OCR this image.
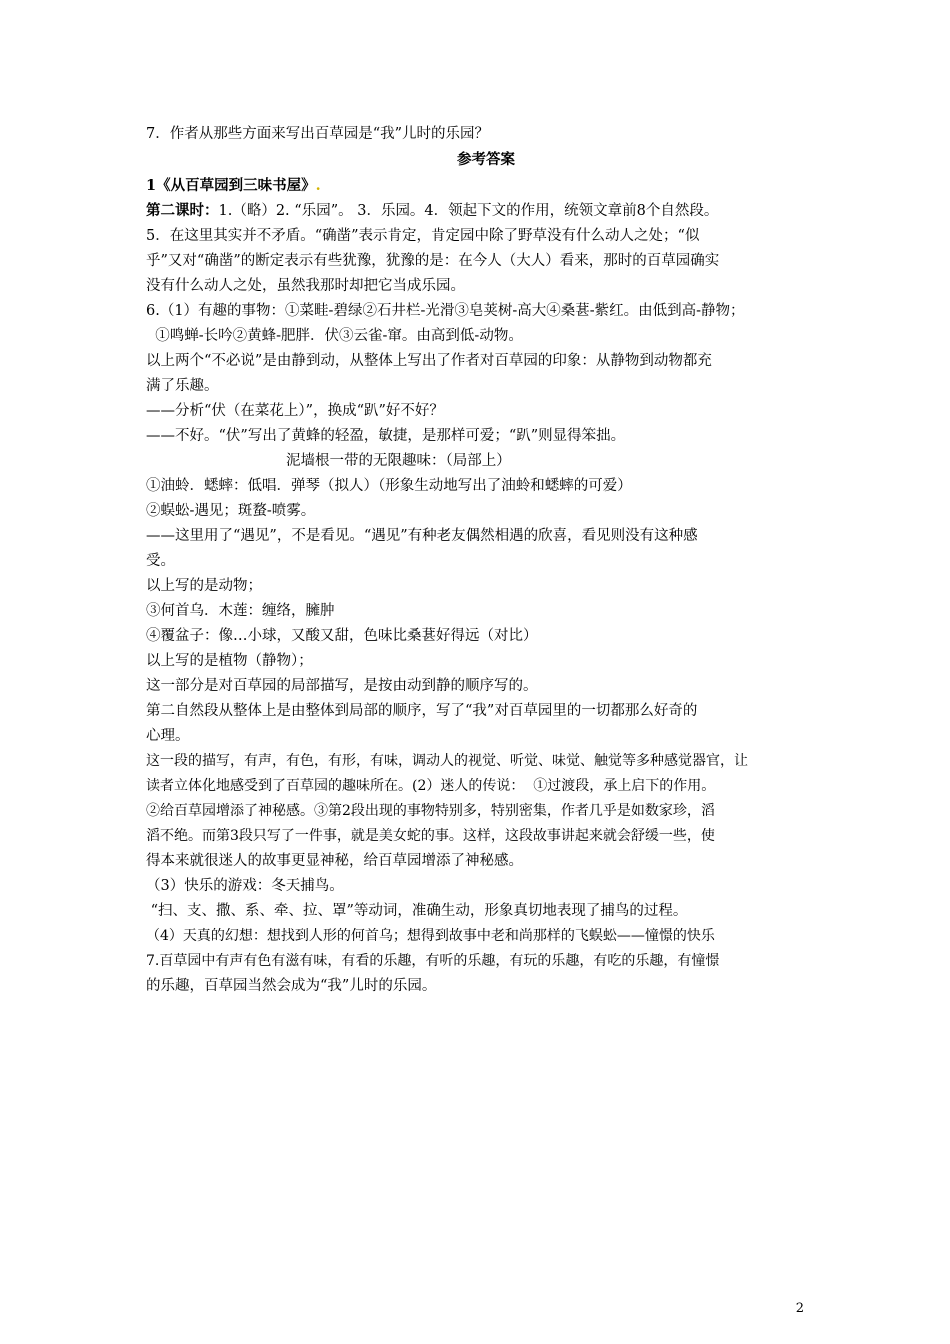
7．作者从那些方面来写出百草园是“我”儿时的乐园？
参考答案
1《从百草园到三味书屋》.
第二课时：1.（略）2. “乐园”。 3．乐园。4．领起下文的作用，统领文章前8个自然段。
5．在这里其实并不矛盾。“确凿”表示肯定，肯定园中除了野草没有什么动人之处；“似
乎”又对“确凿”的断定表示有些犹豫，犹豫的是：在今人（大人）看来，那时的百草园确实
没有什么动人之处，虽然我那时却把它当成乐园。
6.（1）有趣的事物：①菜畦-碧绿②石井栏-光滑③皂荚树-高大④桑葚-紫红。由低到高-静物；
①鸣蝉-长吟②黄蜂-肥胖．伏③云雀-窜。由高到低-动物。
以上两个“不必说”是由静到动，从整体上写出了作者对百草园的印象：从静物到动物都充
满了乐趣。
——分析“伏（在菜花上）”，换成“趴”好不好？
——不好。“伏”写出了黄蜂的轻盈，敏捷，是那样可爱；“趴”则显得笨拙。
泥墙根一带的无限趣味：（局部上）
①油蛉．蟋蟀：低唱．弹琴（拟人）（形象生动地写出了油蛉和蟋蟀的可爱）
②蜈蚣-遇见；斑蝥-喷雾。
——这里用了“遇见”，不是看见。“遇见”有种老友偶然相遇的欣喜，看见则没有这种感
受。
以上写的是动物；
③何首乌．木莲：缠络，臃肿
④覆盆子：像…小球，又酸又甜，色味比桑葚好得远（对比）
以上写的是植物（静物）；
这一部分是对百草园的局部描写，是按由动到静的顺序写的。
第二自然段从整体上是由整体到局部的顺序，写了“我”对百草园里的一切都那么好奇的
心理。
这一段的描写，有声，有色，有形，有味，调动人的视觉、听觉、味觉、触觉等多种感觉器官，让
读者立体化地感受到了百草园的趣味所在。(2）迷人的传说：  ①过渡段，承上启下的作用。
②给百草园增添了神秘感。③第2段出现的事物特别多，特别密集，作者几乎是如数家珍，滔
滔不绝。而第3段只写了一件事，就是美女蛇的事。这样，这段故事讲起来就会舒缓一些，使
得本来就很迷人的故事更显神秘，给百草园增添了神秘感。
（3）快乐的游戏：冬天捕鸟。
“扫、支、撒、系、牵、拉、罩”等动词，准确生动，形象真切地表现了捕鸟的过程。
（4）天真的幻想：想找到人形的何首乌；想得到故事中老和尚那样的飞蜈蚣——憧憬的快乐
7.百草园中有声有色有滋有味，有看的乐趣，有听的乐趣，有玩的乐趣，有吃的乐趣，有憧憬
的乐趣，百草园当然会成为“我”儿时的乐园。
2
